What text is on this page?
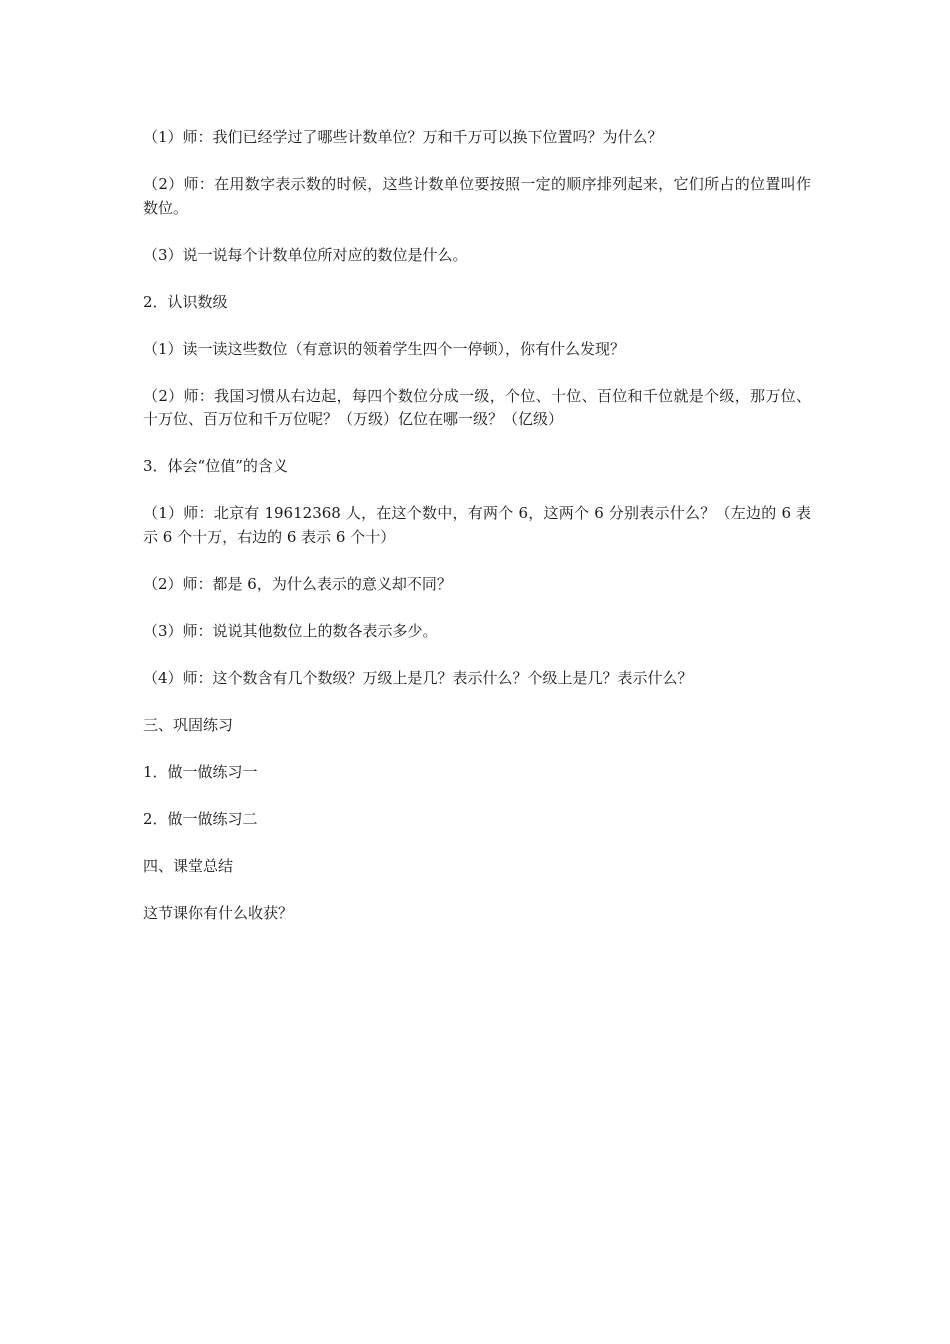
（1）师：我们已经学过了哪些计数单位？万和千万可以换下位置吗？为什么？

（2）师：在用数字表示数的时候，这些计数单位要按照一定的顺序排列起来，它们所占的位置叫作数位。

（3）说一说每个计数单位所对应的数位是什么。

2．认识数级

（1）读一读这些数位（有意识的领着学生四个一停顿），你有什么发现？

（2）师：我国习惯从右边起，每四个数位分成一级，个位、十位、百位和千位就是个级，那万位、十万位、百万位和千万位呢？（万级）亿位在哪一级？（亿级）

3．体会“位值”的含义

（1）师：北京有 19612368 人，在这个数中，有两个 6，这两个 6 分别表示什么？（左边的 6 表示 6 个十万，右边的 6 表示 6 个十）

（2）师：都是 6，为什么表示的意义却不同？

（3）师：说说其他数位上的数各表示多少。

（4）师：这个数含有几个数级？万级上是几？表示什么？个级上是几？表示什么？

三、巩固练习

1．做一做练习一

2．做一做练习二

四、课堂总结

这节课你有什么收获？
